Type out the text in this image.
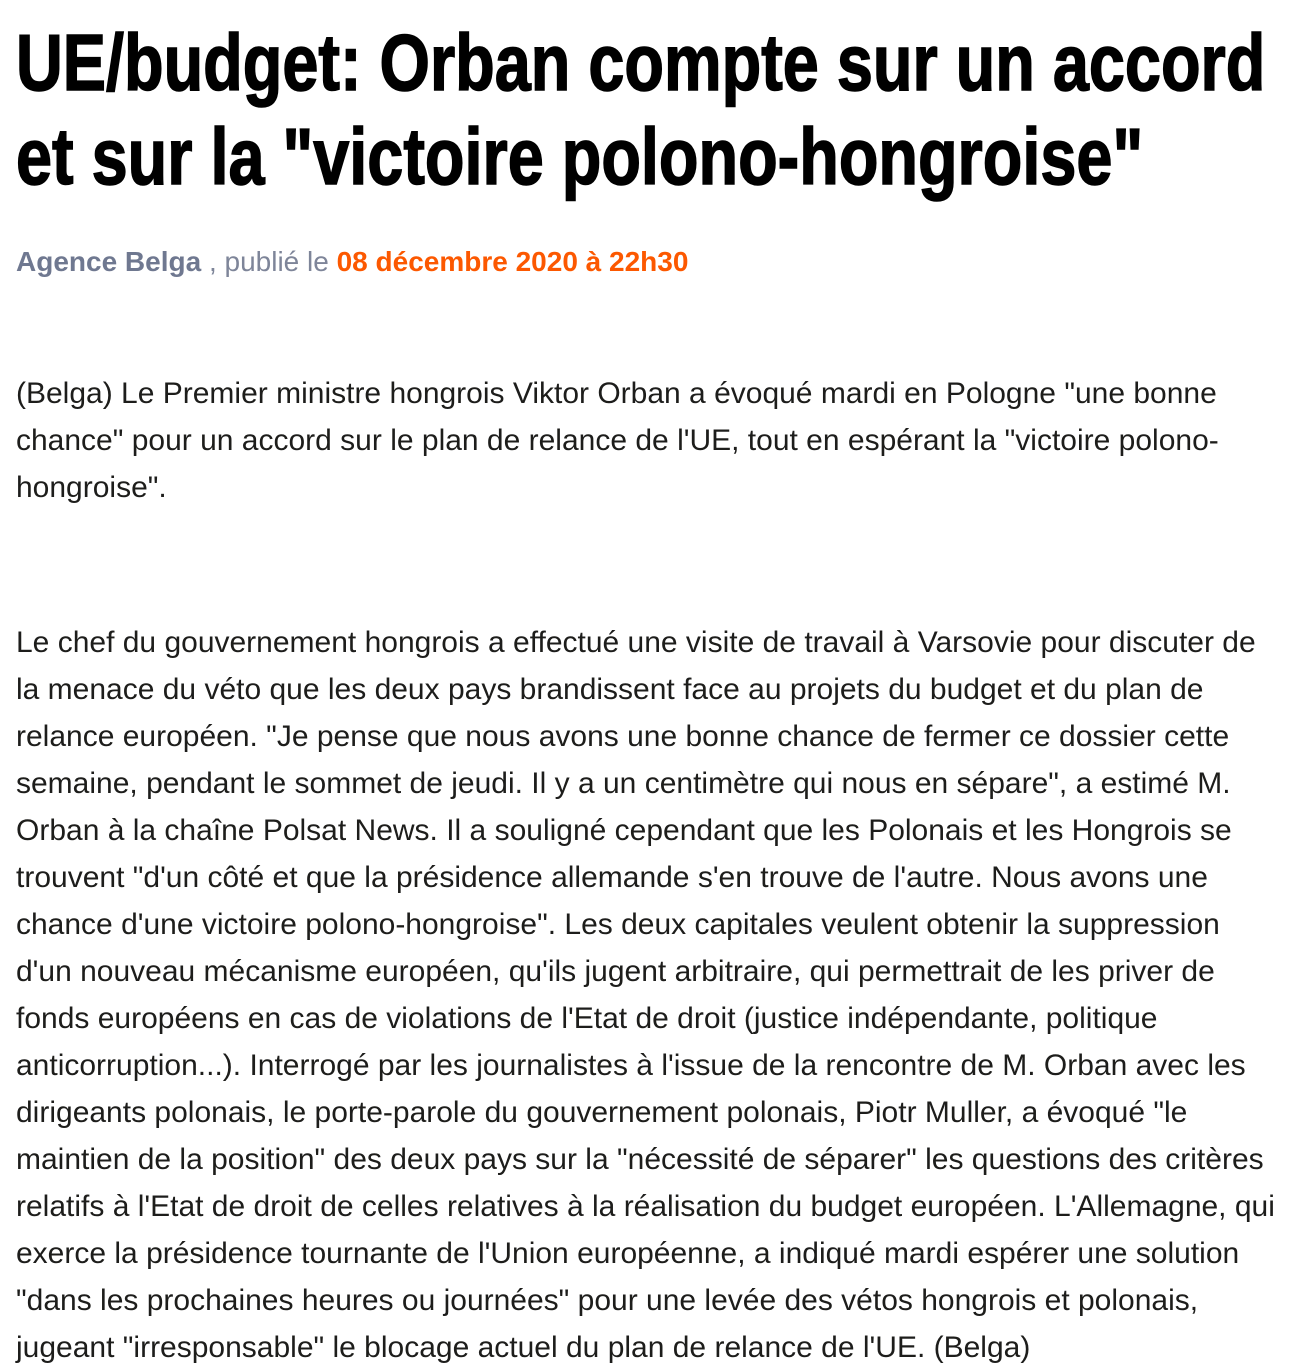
UE/budget: Orban compte sur un accord
et sur la "victoire polono-hongroise"
Agence Belga , publié le 08 décembre 2020 à 22h30

(Belga) Le Premier ministre hongrois Viktor Orban a évoqué mardi en Pologne "une bonne chance" pour un accord sur le plan de relance de l'UE, tout en espérant la "victoire polono-hongroise".

Le chef du gouvernement hongrois a effectué une visite de travail à Varsovie pour discuter de la menace du véto que les deux pays brandissent face au projets du budget et du plan de relance européen. "Je pense que nous avons une bonne chance de fermer ce dossier cette semaine, pendant le sommet de jeudi. Il y a un centimètre qui nous en sépare", a estimé M. Orban à la chaîne Polsat News. Il a souligné cependant que les Polonais et les Hongrois se trouvent "d'un côté et que la présidence allemande s'en trouve de l'autre. Nous avons une chance d'une victoire polono-hongroise". Les deux capitales veulent obtenir la suppression d'un nouveau mécanisme européen, qu'ils jugent arbitraire, qui permettrait de les priver de fonds européens en cas de violations de l'Etat de droit (justice indépendante, politique anticorruption...). Interrogé par les journalistes à l'issue de la rencontre de M. Orban avec les dirigeants polonais, le porte-parole du gouvernement polonais, Piotr Muller, a évoqué "le maintien de la position" des deux pays sur la "nécessité de séparer" les questions des critères relatifs à l'Etat de droit de celles relatives à la réalisation du budget européen. L'Allemagne, qui exerce la présidence tournante de l'Union européenne, a indiqué mardi espérer une solution "dans les prochaines heures ou journées" pour une levée des vétos hongrois et polonais, jugeant "irresponsable" le blocage actuel du plan de relance de l'UE. (Belga)
